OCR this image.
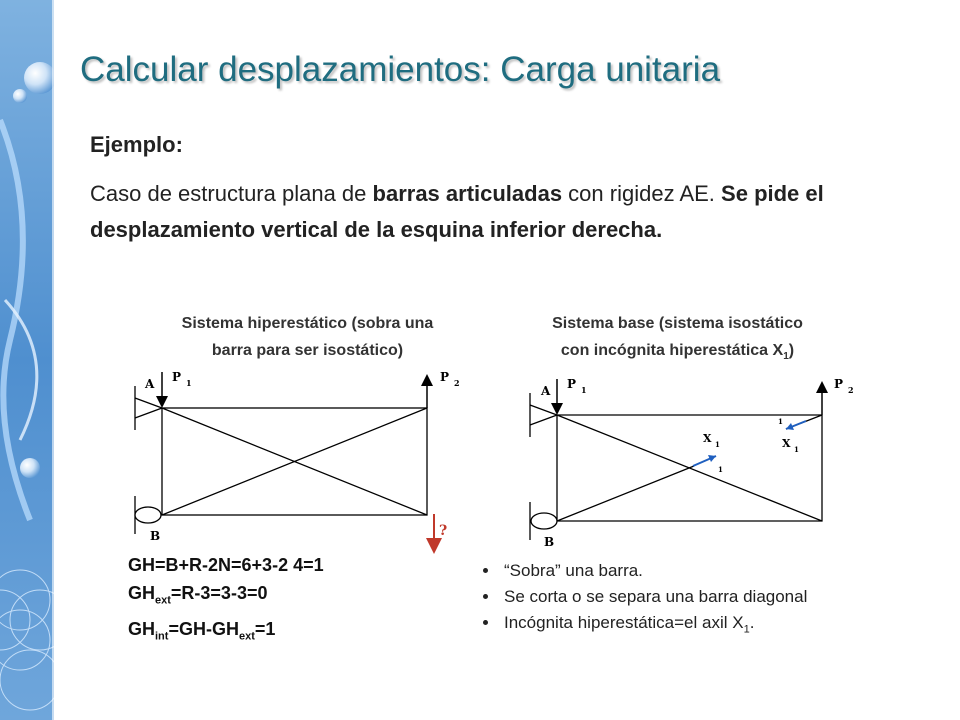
Calcular desplazamientos: Carga unitaria
Ejemplo:
Caso de estructura plana de barras articuladas con rigidez AE. Se pide el desplazamiento vertical de la esquina inferior derecha.
Sistema hiperestático (sobra una
barra para ser isostático)
Sistema base (sistema isostático
con incógnita hiperestática $X_1$)
A
B
P 1	P 2
?
A
B
P 1	P 2
X 1
1
X 1
1
GH=B+R-2N=6+3-2 4=1
$GH_{ext}=R-3=3-3=0$
$GH_{int}=GH-GH_{ext}=1$
• “Sobra” una barra.
• Se corta o se separa una barra diagonal
• Incógnita hiperestática=el axil $X_1$.
